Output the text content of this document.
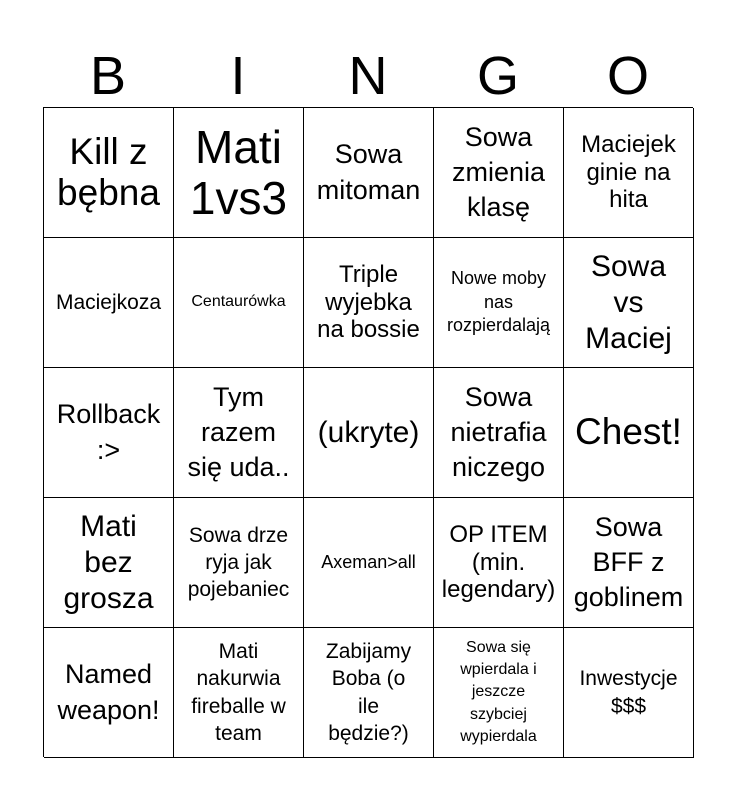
B	I	N	G	O
Kill z
bębna
Mati
1vs3
Sowa
mitoman
Sowa
zmienia
klasę
Maciejek
ginie na
hita
Maciejkoza	Centaurówka
Triple
wyjebka
na bossie
Nowe moby
nas
rozpierdalają
Sowa
vs
Maciej
Rollback
:>
Tym
razem
się uda..
(ukryte)
Sowa
nietrafia
niczego
Chest!
Mati
bez
grosza
Sowa drze
ryja jak
pojebaniec
Axeman>all
OP ITEM
(min.
legendary)
Sowa
BFF z
goblinem
Named
weapon!
Mati
nakurwia
fireballe w
team
Zabijamy
Boba (o
ile
będzie?)
Sowa się
wpierdala i
jeszcze
szybciej
wypierdala
Inwestycje
$$$
